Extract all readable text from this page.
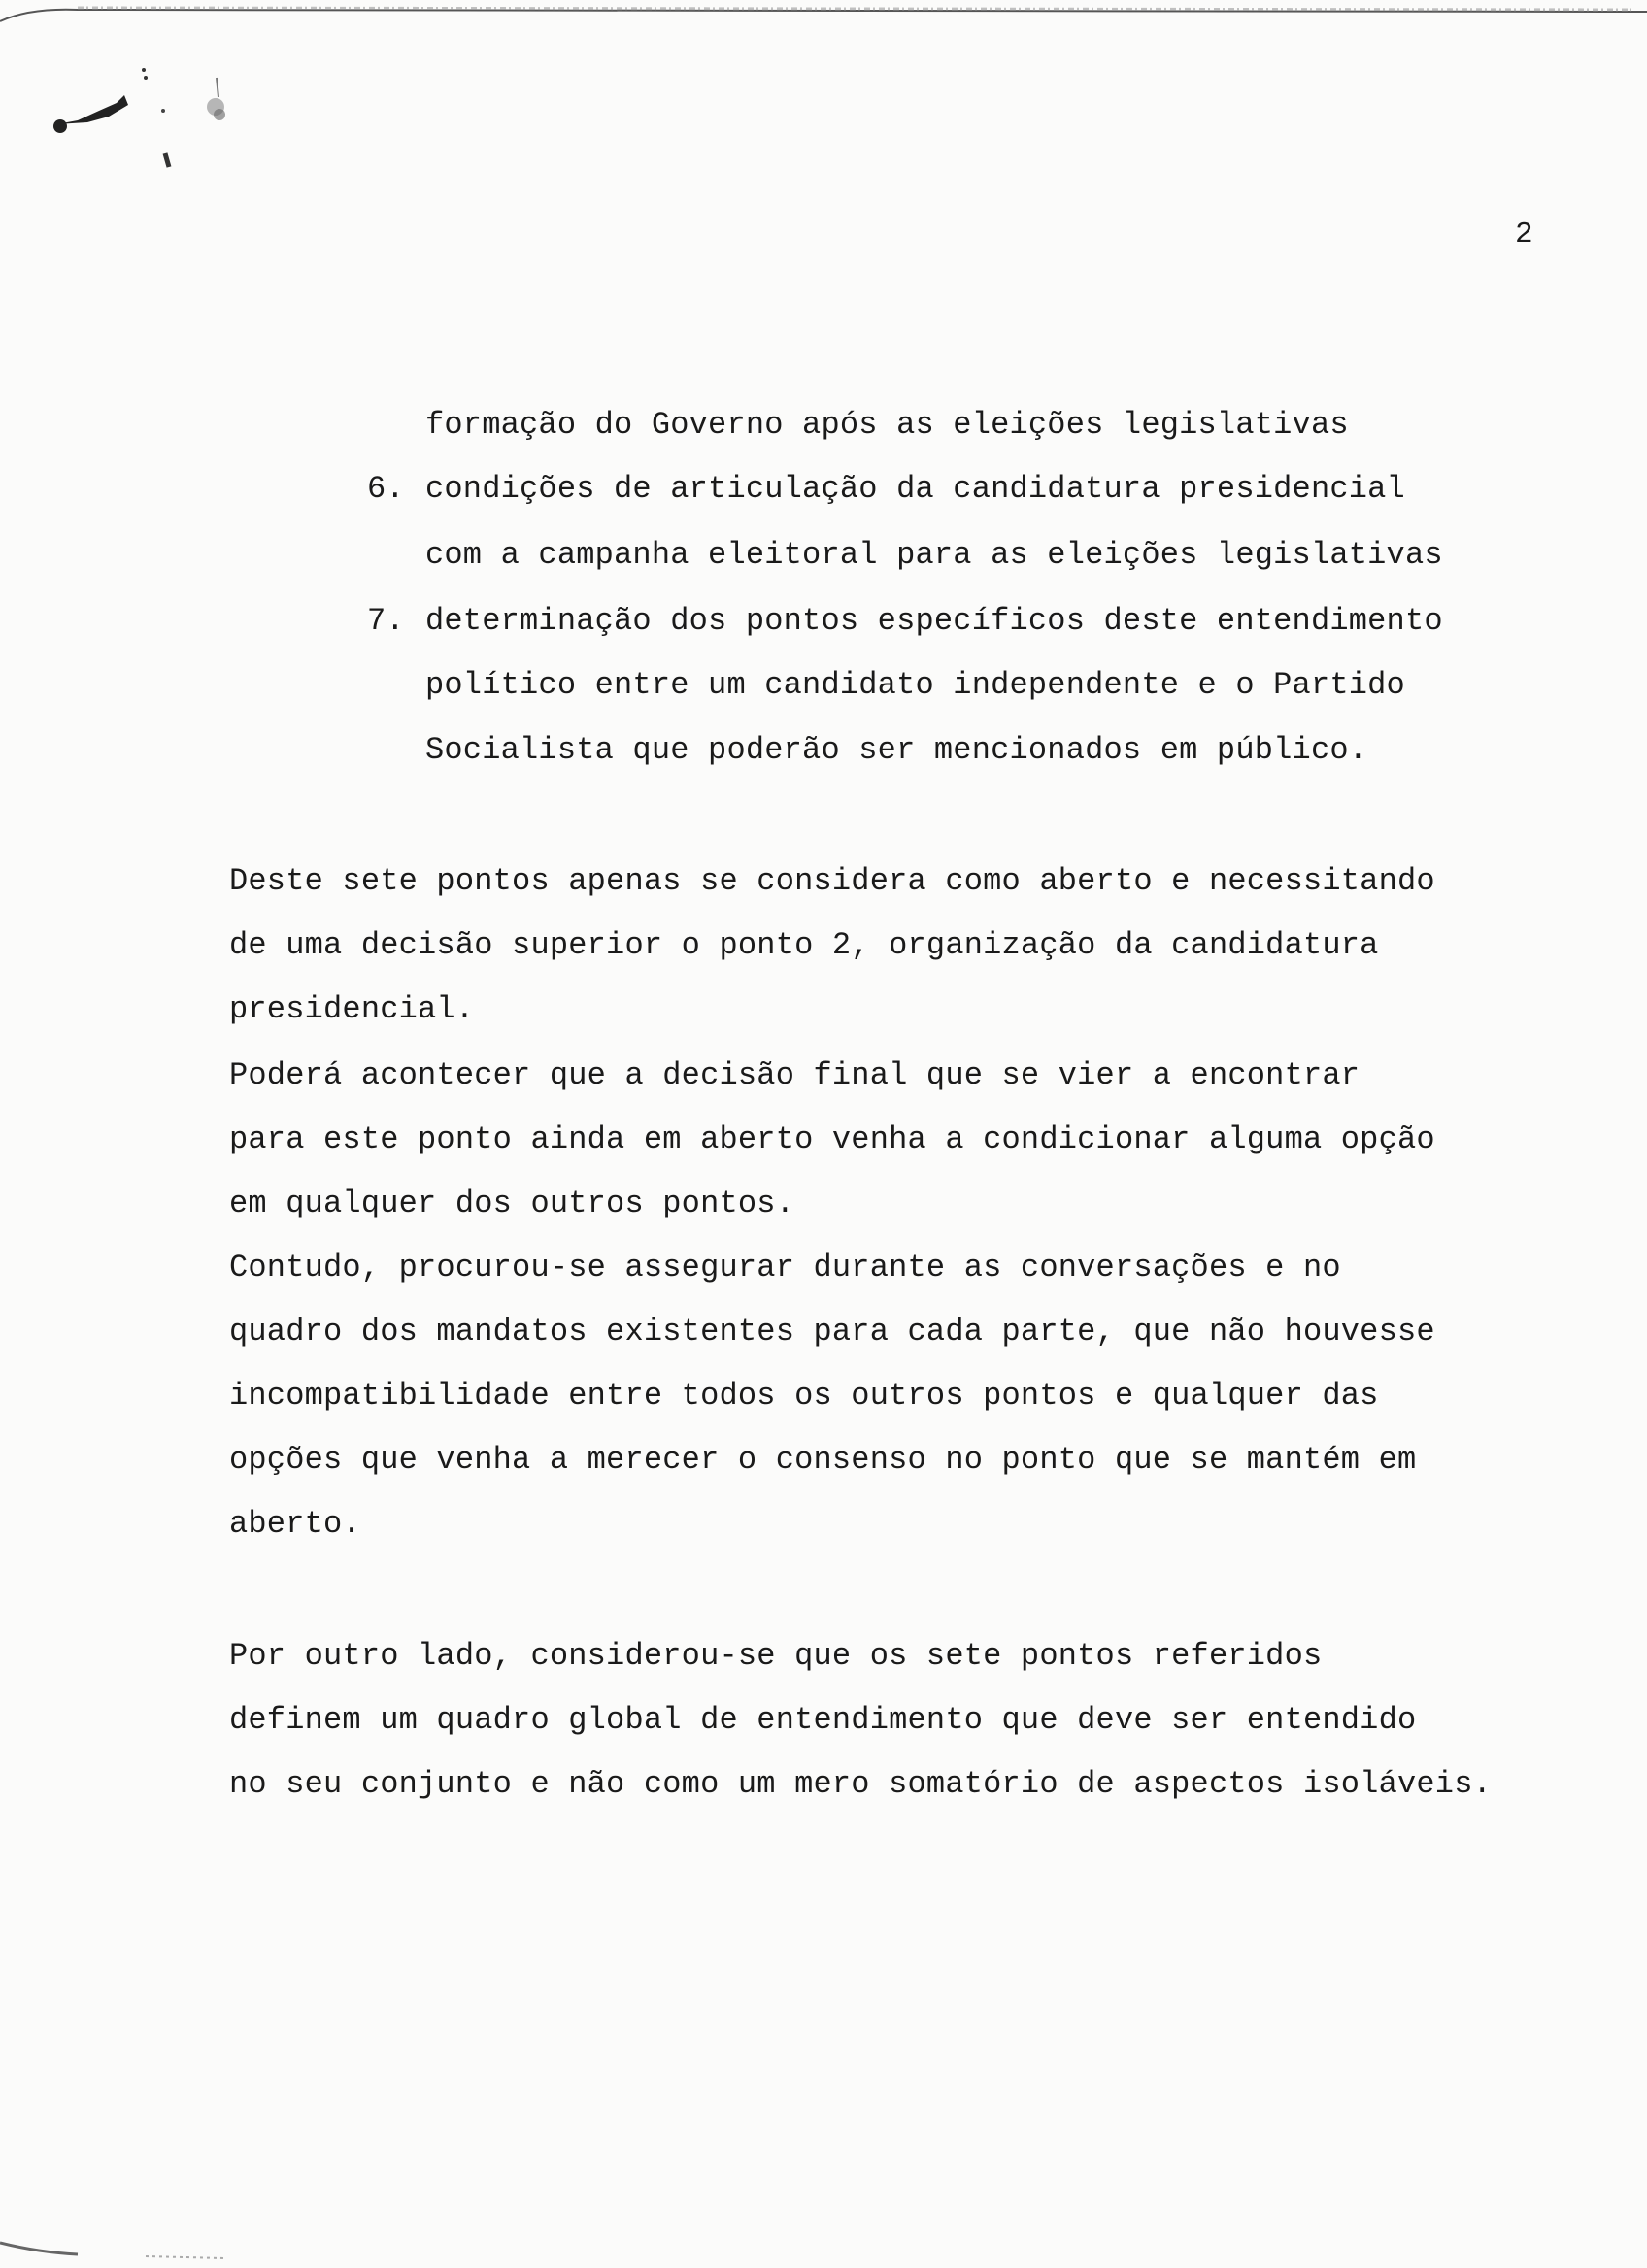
2
formação do Governo após as eleições legislativas
6. condições de articulação da candidatura presidencial
com a campanha eleitoral para as eleições legislativas
7. determinação dos pontos específicos deste entendimento
político entre um candidato independente e o Partido
Socialista que poderão ser mencionados em público.
Deste sete pontos apenas se considera como aberto e necessitando
de uma decisão superior o ponto 2, organização da candidatura
presidencial.
Poderá acontecer que a decisão final que se vier a encontrar
para este ponto ainda em aberto venha a condicionar alguma opção
em qualquer dos outros pontos.
Contudo, procurou-se assegurar durante as conversações e no
quadro dos mandatos existentes para cada parte, que não houvesse
incompatibilidade entre todos os outros pontos e qualquer das
opções que venha a merecer o consenso no ponto que se mantém em
aberto.
Por outro lado, considerou-se que os sete pontos referidos
definem um quadro global de entendimento que deve ser entendido
no seu conjunto e não como um mero somatório de aspectos isoláveis.
